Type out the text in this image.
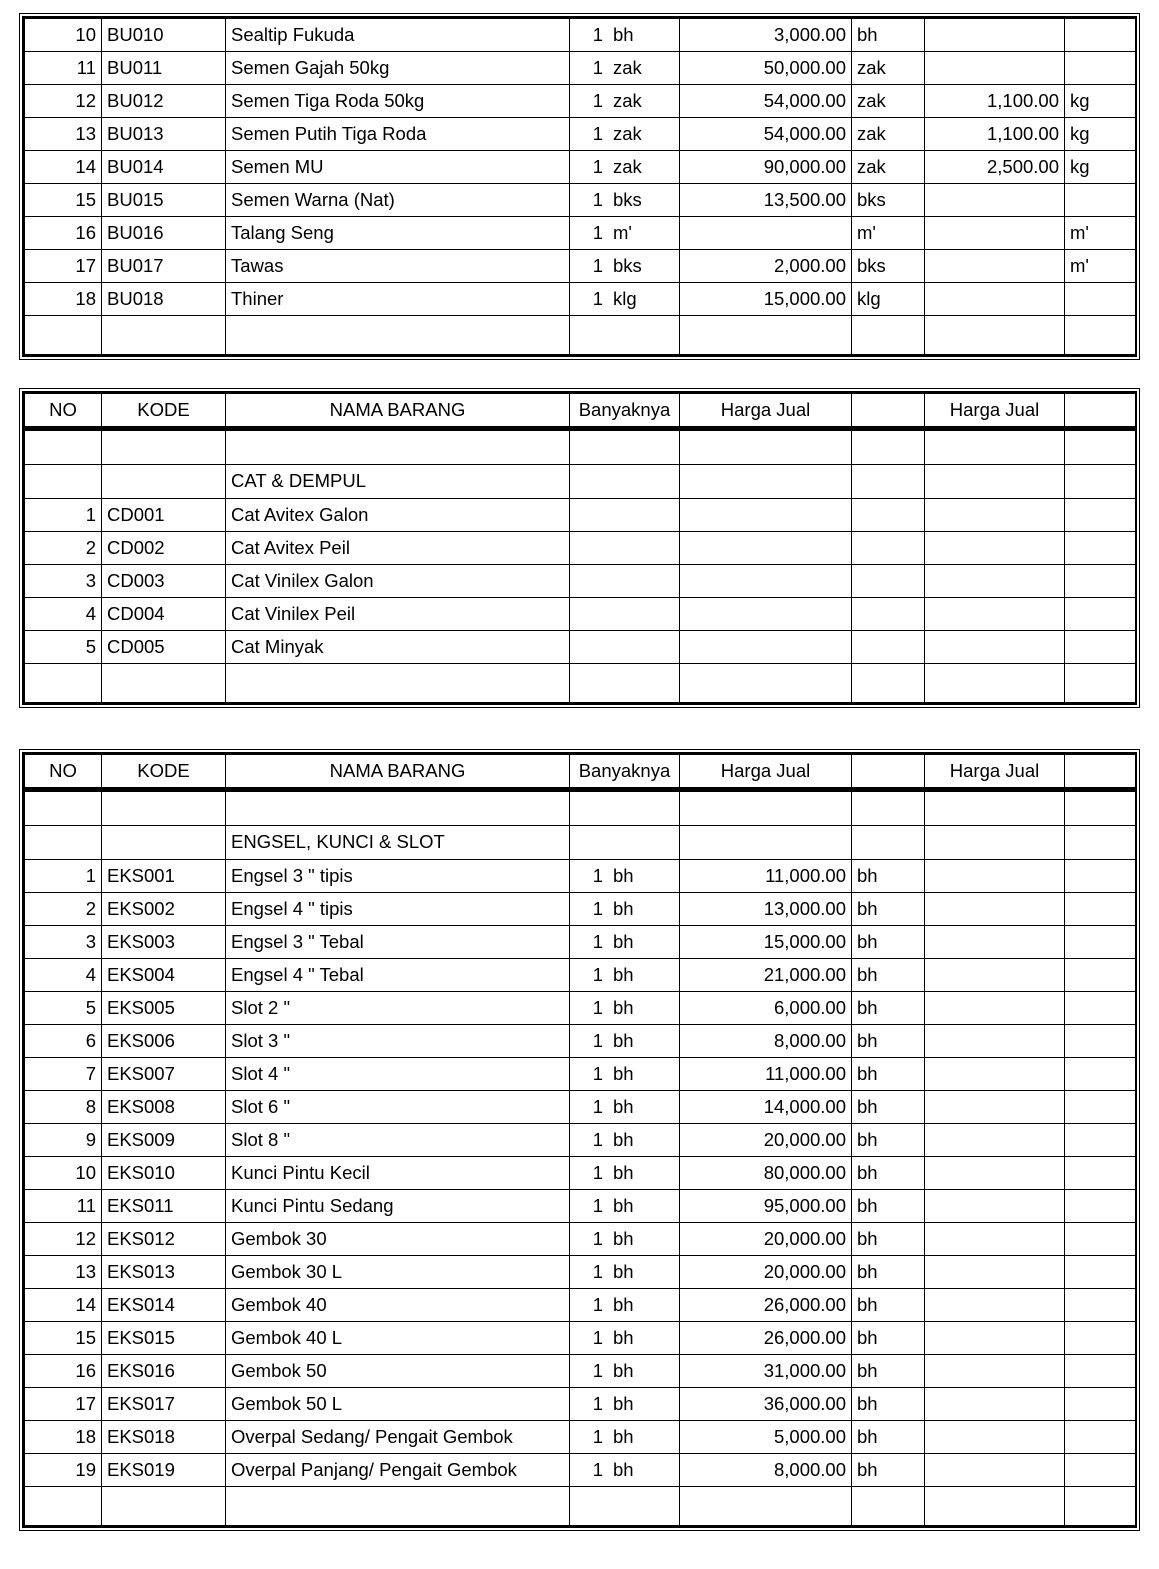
10	BU010	Sealtip Fukuda	1 bh	3,000.00	bh		
11	BU011	Semen Gajah 50kg	1 zak	50,000.00	zak		
12	BU012	Semen Tiga Roda 50kg	1 zak	54,000.00	zak	1,100.00	kg
13	BU013	Semen Putih Tiga Roda	1 zak	54,000.00	zak	1,100.00	kg
14	BU014	Semen MU	1 zak	90,000.00	zak	2,500.00	kg
15	BU015	Semen Warna (Nat)	1 bks	13,500.00	bks		
16	BU016	Talang Seng	1 m'		m'		m'
17	BU017	Tawas	1 bks	2,000.00	bks		m'
18	BU018	Thiner	1 klg	15,000.00	klg		

NO	KODE	NAMA BARANG	Banyaknya	Harga Jual		Harga Jual	

		CAT & DEMPUL					
1	CD001	Cat Avitex Galon	

2	CD002	Cat Avitex Peil	

3	CD003	Cat Vinilex Galon	

4	CD004	Cat Vinilex Peil	

5	CD005	Cat Minyak	

NO	KODE	NAMA BARANG	Banyaknya	Harga Jual		Harga Jual	

		ENGSEL, KUNCI & SLOT					
1	EKS001	Engsel 3 " tipis	1 bh	11,000.00	bh		
2	EKS002	Engsel 4 " tipis	1 bh	13,000.00	bh		
3	EKS003	Engsel 3 " Tebal	1 bh	15,000.00	bh		
4	EKS004	Engsel 4 " Tebal	1 bh	21,000.00	bh		
5	EKS005	Slot 2 "	1 bh	6,000.00	bh		
6	EKS006	Slot 3 "	1 bh	8,000.00	bh		
7	EKS007	Slot 4 "	1 bh	11,000.00	bh		
8	EKS008	Slot 6 "	1 bh	14,000.00	bh		
9	EKS009	Slot 8 "	1 bh	20,000.00	bh		
10	EKS010	Kunci Pintu Kecil	1 bh	80,000.00	bh		
11	EKS011	Kunci Pintu Sedang	1 bh	95,000.00	bh		
12	EKS012	Gembok 30	1 bh	20,000.00	bh		
13	EKS013	Gembok 30 L	1 bh	20,000.00	bh		
14	EKS014	Gembok 40	1 bh	26,000.00	bh		
15	EKS015	Gembok 40 L	1 bh	26,000.00	bh		
16	EKS016	Gembok 50	1 bh	31,000.00	bh		
17	EKS017	Gembok 50 L	1 bh	36,000.00	bh		
18	EKS018	Overpal Sedang/ Pengait Gembok	1 bh	5,000.00	bh		
19	EKS019	Overpal Panjang/ Pengait Gembok	1 bh	8,000.00	bh		
